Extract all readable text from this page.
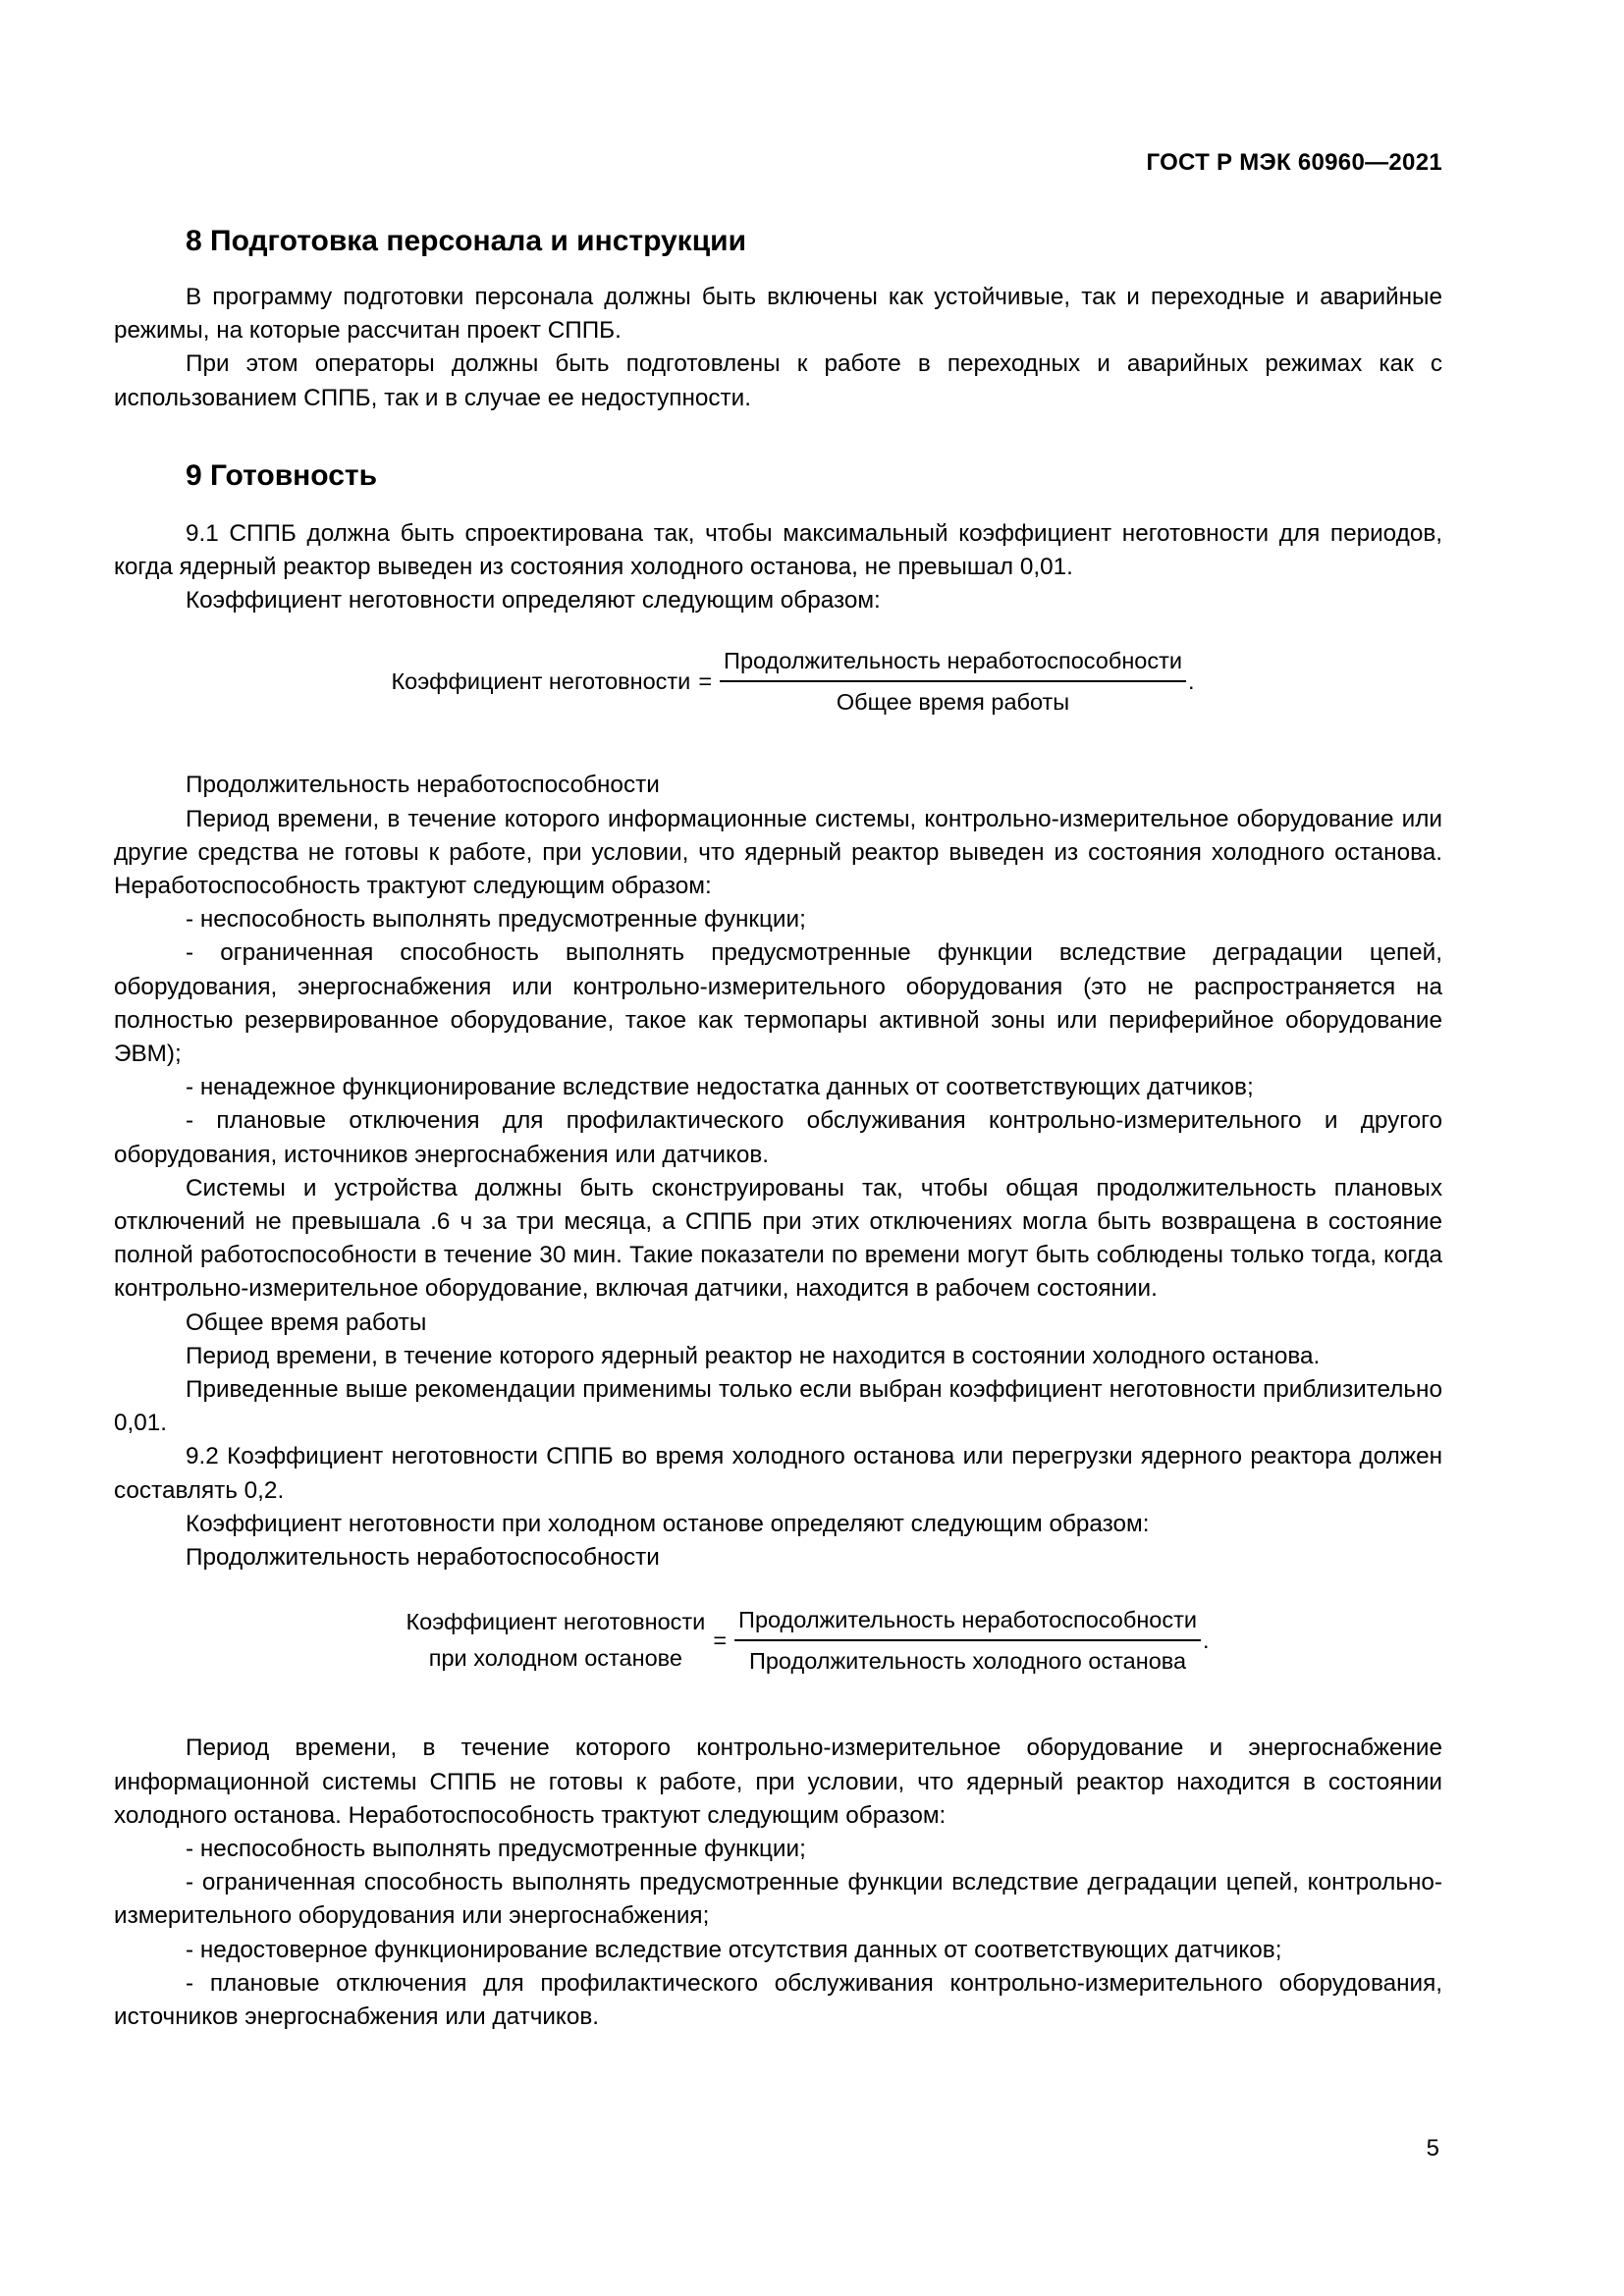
ГОСТ Р МЭК 60960—2021
8 Подготовка персонала и инструкции

В программу подготовки персонала должны быть включены как устойчивые, так и переходные и аварийные режимы, на которые рассчитан проект СППБ.

При этом операторы должны быть подготовлены к работе в переходных и аварийных режимах как с использованием СППБ, так и в случае ее недоступности.

9 Готовность

9.1 СППБ должна быть спроектирована так, чтобы максимальный коэффициент неготовности для периодов, когда ядерный реактор выведен из состояния холодного останова, не превышал 0,01.

Коэффициент неготовности определяют следующим образом:

Коэффициент неготовности = $\frac{\text{Продолжительность неработоспособности}}{\text{Общее время работы}}$ .

Продолжительность неработоспособности

Период времени, в течение которого информационные системы, контрольно-измерительное оборудование или другие средства не готовы к работе, при условии, что ядерный реактор выведен из состояния холодного останова. Неработоспособность трактуют следующим образом:

- неспособность выполнять предусмотренные функции;

- ограниченная способность выполнять предусмотренные функции вследствие деградации цепей, оборудования, энергоснабжения или контрольно-измерительного оборудования (это не распространяется на полностью резервированное оборудование, такое как термопары активной зоны или периферийное оборудование ЭВМ);

- ненадежное функционирование вследствие недостатка данных от соответствующих датчиков;

- плановые отключения для профилактического обслуживания контрольно-измерительного и другого оборудования, источников энергоснабжения или датчиков.

Системы и устройства должны быть сконструированы так, чтобы общая продолжительность плановых отключений не превышала .6 ч за три месяца, а СППБ при этих отключениях могла быть возвращена в состояние полной работоспособности в течение 30 мин. Такие показатели по времени могут быть соблюдены только тогда, когда контрольно-измерительное оборудование, включая датчики, находится в рабочем состоянии.

Общее время работы

Период времени, в течение которого ядерный реактор не находится в состоянии холодного останова.

Приведенные выше рекомендации применимы только если выбран коэффициент неготовности приблизительно 0,01.

9.2 Коэффициент неготовности СППБ во время холодного останова или перегрузки ядерного реактора должен составлять 0,2.

Коэффициент неготовности при холодном останове определяют следующим образом:

Продолжительность неработоспособности

Коэффициент неготовности
при холодном останове
= $\frac{\text{Продолжительность неработоспособности}}{\text{Продолжительность холодного останова}}$ .

Период времени, в течение которого контрольно-измерительное оборудование и энергоснабжение информационной системы СППБ не готовы к работе, при условии, что ядерный реактор находится в состоянии холодного останова. Неработоспособность трактуют следующим образом:

- неспособность выполнять предусмотренные функции;

- ограниченная способность выполнять предусмотренные функции вследствие деградации цепей, контрольно-измерительного оборудования или энергоснабжения;

- недостоверное функционирование вследствие отсутствия данных от соответствующих датчиков;

- плановые отключения для профилактического обслуживания контрольно-измерительного оборудования, источников энергоснабжения или датчиков.

5
